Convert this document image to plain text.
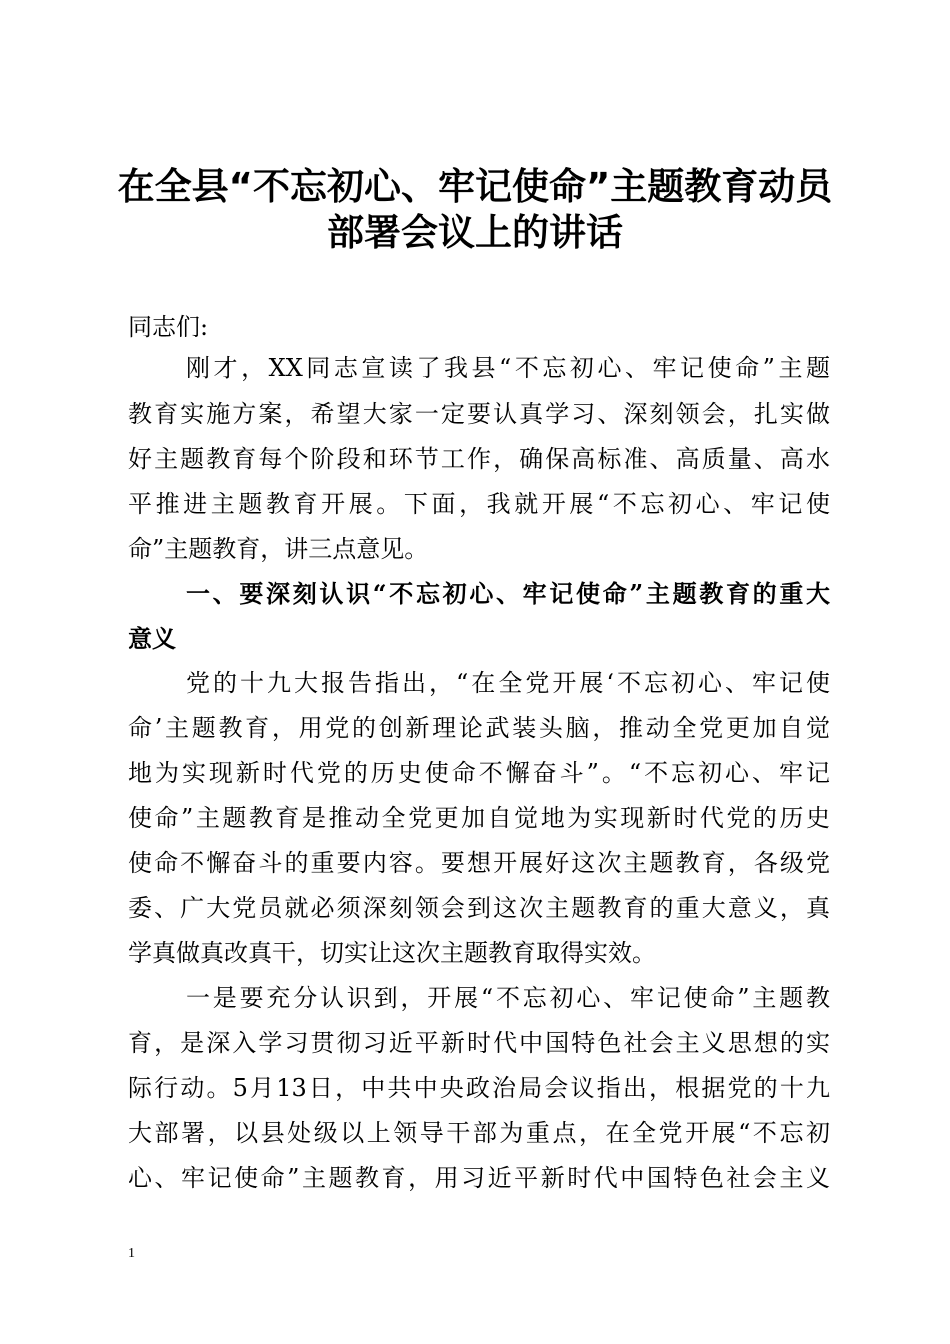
在全县“不忘初心、牢记使命”主题教育动员
部署会议上的讲话
同志们:
刚才，XX同志宣读了我县“不忘初心、牢记使命”主题
教育实施方案，希望大家一定要认真学习、深刻领会，扎实做
好主题教育每个阶段和环节工作，确保高标准、高质量、高水
平推进主题教育开展。下面，我就开展“不忘初心、牢记使
命”主题教育，讲三点意见。
一、要深刻认识“不忘初心、牢记使命”主题教育的重大
意义
党的十九大报告指出，“在全党开展‘不忘初心、牢记使
命’主题教育，用党的创新理论武装头脑，推动全党更加自觉
地为实现新时代党的历史使命不懈奋斗”。“不忘初心、牢记
使命”主题教育是推动全党更加自觉地为实现新时代党的历史
使命不懈奋斗的重要内容。要想开展好这次主题教育，各级党
委、广大党员就必须深刻领会到这次主题教育的重大意义，真
学真做真改真干，切实让这次主题教育取得实效。
一是要充分认识到，开展“不忘初心、牢记使命”主题教
育，是深入学习贯彻习近平新时代中国特色社会主义思想的实
际行动。5月13日，中共中央政治局会议指出，根据党的十九
大部署，以县处级以上领导干部为重点，在全党开展“不忘初
心、牢记使命”主题教育，用习近平新时代中国特色社会主义
1
